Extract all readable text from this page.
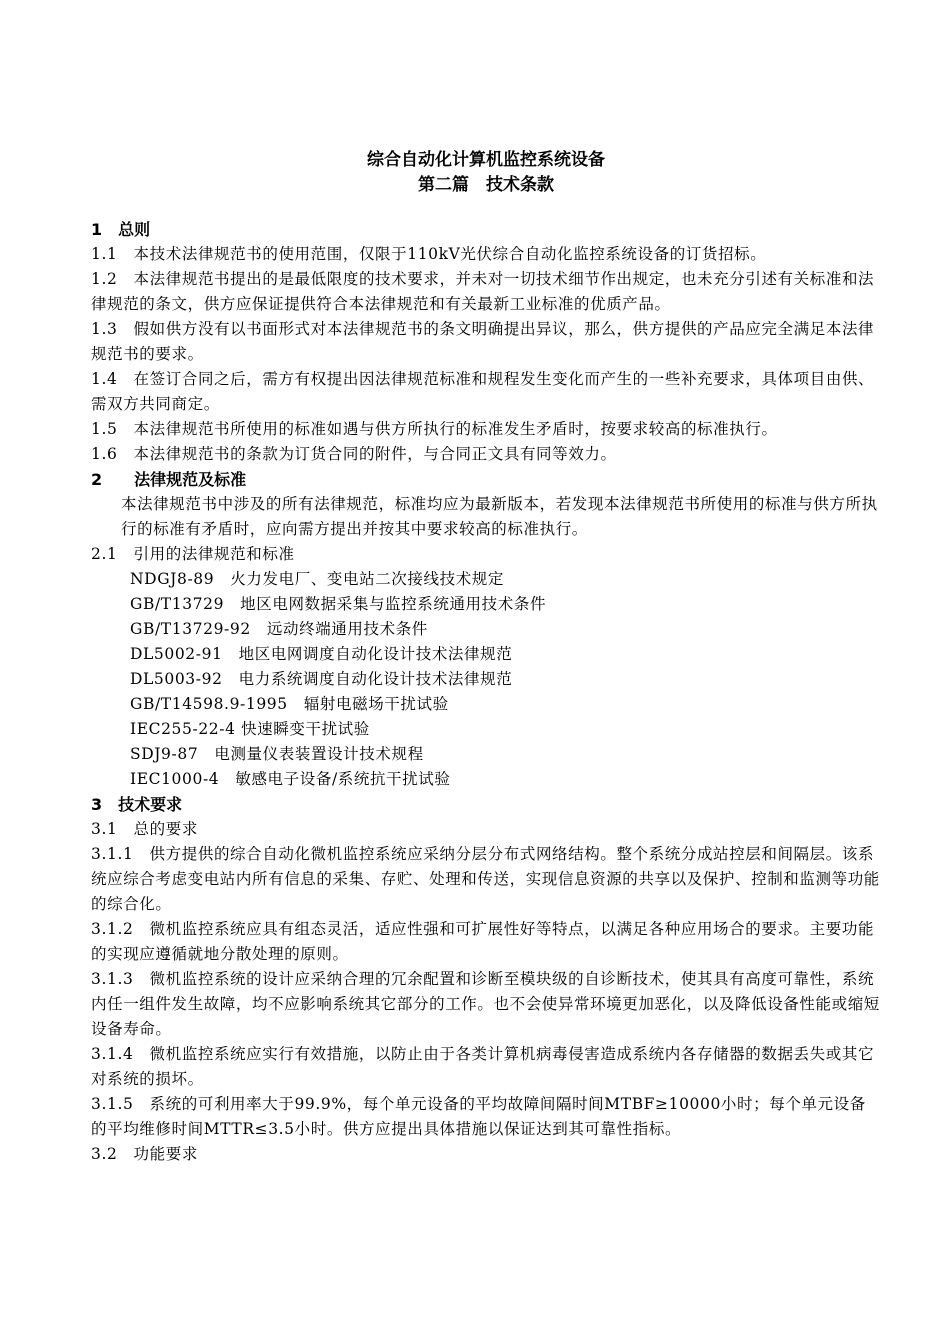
综合自动化计算机监控系统设备
第二篇　技术条款
1　总则
1.1　本技术法律规范书的使用范围，仅限于110kV光伏综合自动化监控系统设备的订货招标。
1.2　本法律规范书提出的是最低限度的技术要求，并未对一切技术细节作出规定，也未充分引述有关标准和法律规范的条文，供方应保证提供符合本法律规范和有关最新工业标准的优质产品。
1.3　假如供方没有以书面形式对本法律规范书的条文明确提出异议，那么，供方提供的产品应完全满足本法律规范书的要求。
1.4　在签订合同之后，需方有权提出因法律规范标准和规程发生变化而产生的一些补充要求，具体项目由供、需双方共同商定。
1.5　本法律规范书所使用的标准如遇与供方所执行的标准发生矛盾时，按要求较高的标准执行。
1.6　本法律规范书的条款为订货合同的附件，与合同正文具有同等效力。
2　　法律规范及标准
本法律规范书中涉及的所有法律规范，标准均应为最新版本，若发现本法律规范书所使用的标准与供方所执行的标准有矛盾时，应向需方提出并按其中要求较高的标准执行。
2.1　引用的法律规范和标准
NDGJ8-89　火力发电厂、变电站二次接线技术规定
GB/T13729　地区电网数据采集与监控系统通用技术条件
GB/T13729-92　远动终端通用技术条件
DL5002-91　地区电网调度自动化设计技术法律规范
DL5003-92　电力系统调度自动化设计技术法律规范
GB/T14598.9-1995　辐射电磁场干扰试验
IEC255-22-4 快速瞬变干扰试验
SDJ9-87　电测量仪表装置设计技术规程
IEC1000-4　敏感电子设备/系统抗干扰试验
3　技术要求
3.1　总的要求
3.1.1　供方提供的综合自动化微机监控系统应采纳分层分布式网络结构。整个系统分成站控层和间隔层。该系统应综合考虑变电站内所有信息的采集、存贮、处理和传送，实现信息资源的共享以及保护、控制和监测等功能的综合化。
3.1.2　微机监控系统应具有组态灵活，适应性强和可扩展性好等特点，以满足各种应用场合的要求。主要功能的实现应遵循就地分散处理的原则。
3.1.3　微机监控系统的设计应采纳合理的冗余配置和诊断至模块级的自诊断技术，使其具有高度可靠性，系统内任一组件发生故障，均不应影响系统其它部分的工作。也不会使异常环境更加恶化，以及降低设备性能或缩短设备寿命。
3.1.4　微机监控系统应实行有效措施，以防止由于各类计算机病毒侵害造成系统内各存储器的数据丢失或其它对系统的损坏。
3.1.5　系统的可利用率大于99.9%，每个单元设备的平均故障间隔时间MTBF≥10000小时；每个单元设备的平均维修时间MTTR≤3.5小时。供方应提出具体措施以保证达到其可靠性指标。
3.2　功能要求
